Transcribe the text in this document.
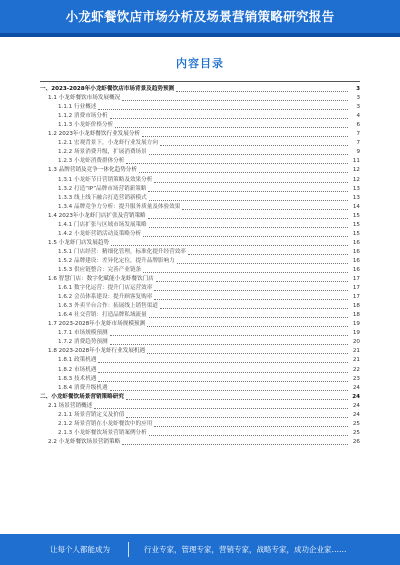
小龙虾餐饮店市场分析及场景营销策略研究报告
内容目录
一、2023-2028年小龙虾餐饮店市场背景及趋势预测	3
1.1 小龙虾餐饮市场发展概况	3
1.1.1 行业概述	3
1.1.2 消费市场分析	4
1.1.3 小龙虾价格分析	6
1.2 2023年小龙虾餐饮行业发展分析	7
1.2.1 宏观背景下，小龙虾行业发展方向	7
1.2.2 场景消费升级，扩展消费场景	9
1.2.3 小龙虾消费群体分析	11
1.3 品牌营销及竞争一体化趋势分析	12
1.3.1 小龙虾节日营销策略及效果分析	12
1.3.2 打造“IP”品牌市场营销新策略	13
1.3.3 线上线下融合打造营销新模式	13
1.3.4 品牌竞争力分析：提升服务质量及体验效果	14
1.4 2023年小龙虾门店扩张及营销策略	15
1.4.1 门店扩张与区域市场发展策略	15
1.4.2 小龙虾营销活动及策略分析	15
1.5 小龙虾门店发展趋势	16
1.5.1 门店经营：精细化管理，标准化提升经营效率	16
1.5.2 品牌建设：差异化定位，提升品牌影响力	16
1.5.3 供应链整合：完善产业链条	16
1.6 智慧门店：数字化赋能小龙虾餐饮门店	17
1.6.1 数字化运营：提升门店运营效率	17
1.6.2 会员体系建设：提升顾客复购率	17
1.6.3 外卖平台合作：拓展线上销售渠道	18
1.6.4 社交营销：打造品牌私域流量	18
1.7 2023-2028年小龙虾市场规模预测	19
1.7.1 市场规模预测	19
1.7.2 消费趋势预测	20
1.8 2023-2028年小龙虾行业发展机遇	21
1.8.1 政策机遇	21
1.8.2 市场机遇	22
1.8.3 技术机遇	23
1.8.4 消费升级机遇	24
二、小龙虾餐饮场景营销策略研究	24
2.1 场景营销概述	24
2.1.1 场景营销定义及价值	24
2.1.2 场景营销在小龙虾餐饮中的应用	25
2.1.3 小龙虾餐饮场景营销案例分析	25
2.2 小龙虾餐饮场景营销策略	26
让每个人都能成为	行业专家，管理专家，营销专家，战略专家，成功企业家……
